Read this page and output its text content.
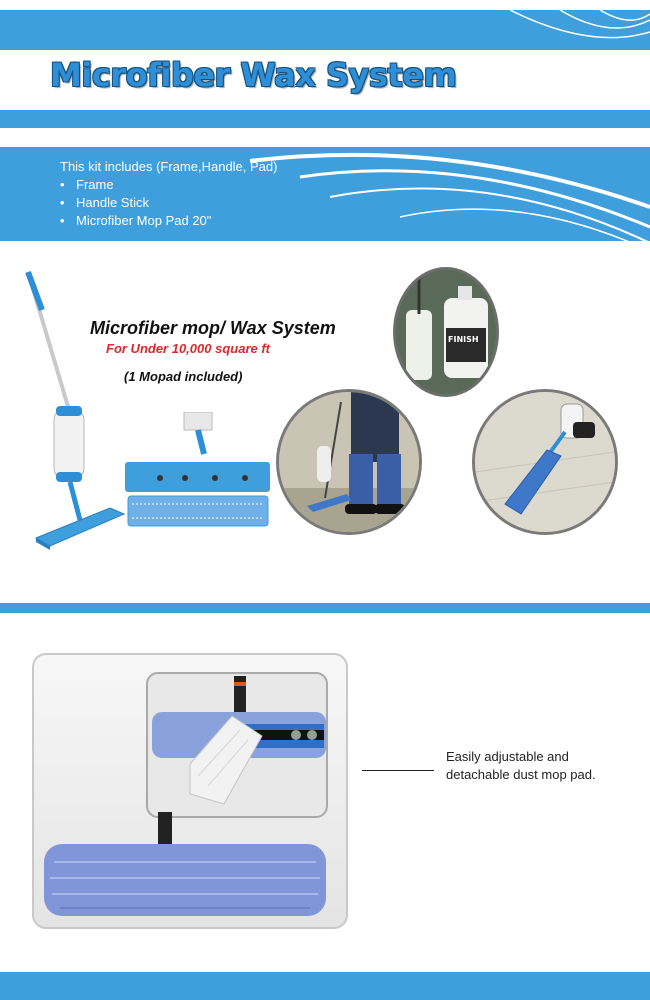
Microfiber Wax System
This kit includes (Frame,Handle, Pad)
• Frame
• Handle Stick
• Microfiber Mop Pad 20"
Microfiber mop/ Wax System
For Under 10,000 square ft
(1 Mopad included)
FINISH
Easily adjustable and detachable dust mop pad.
